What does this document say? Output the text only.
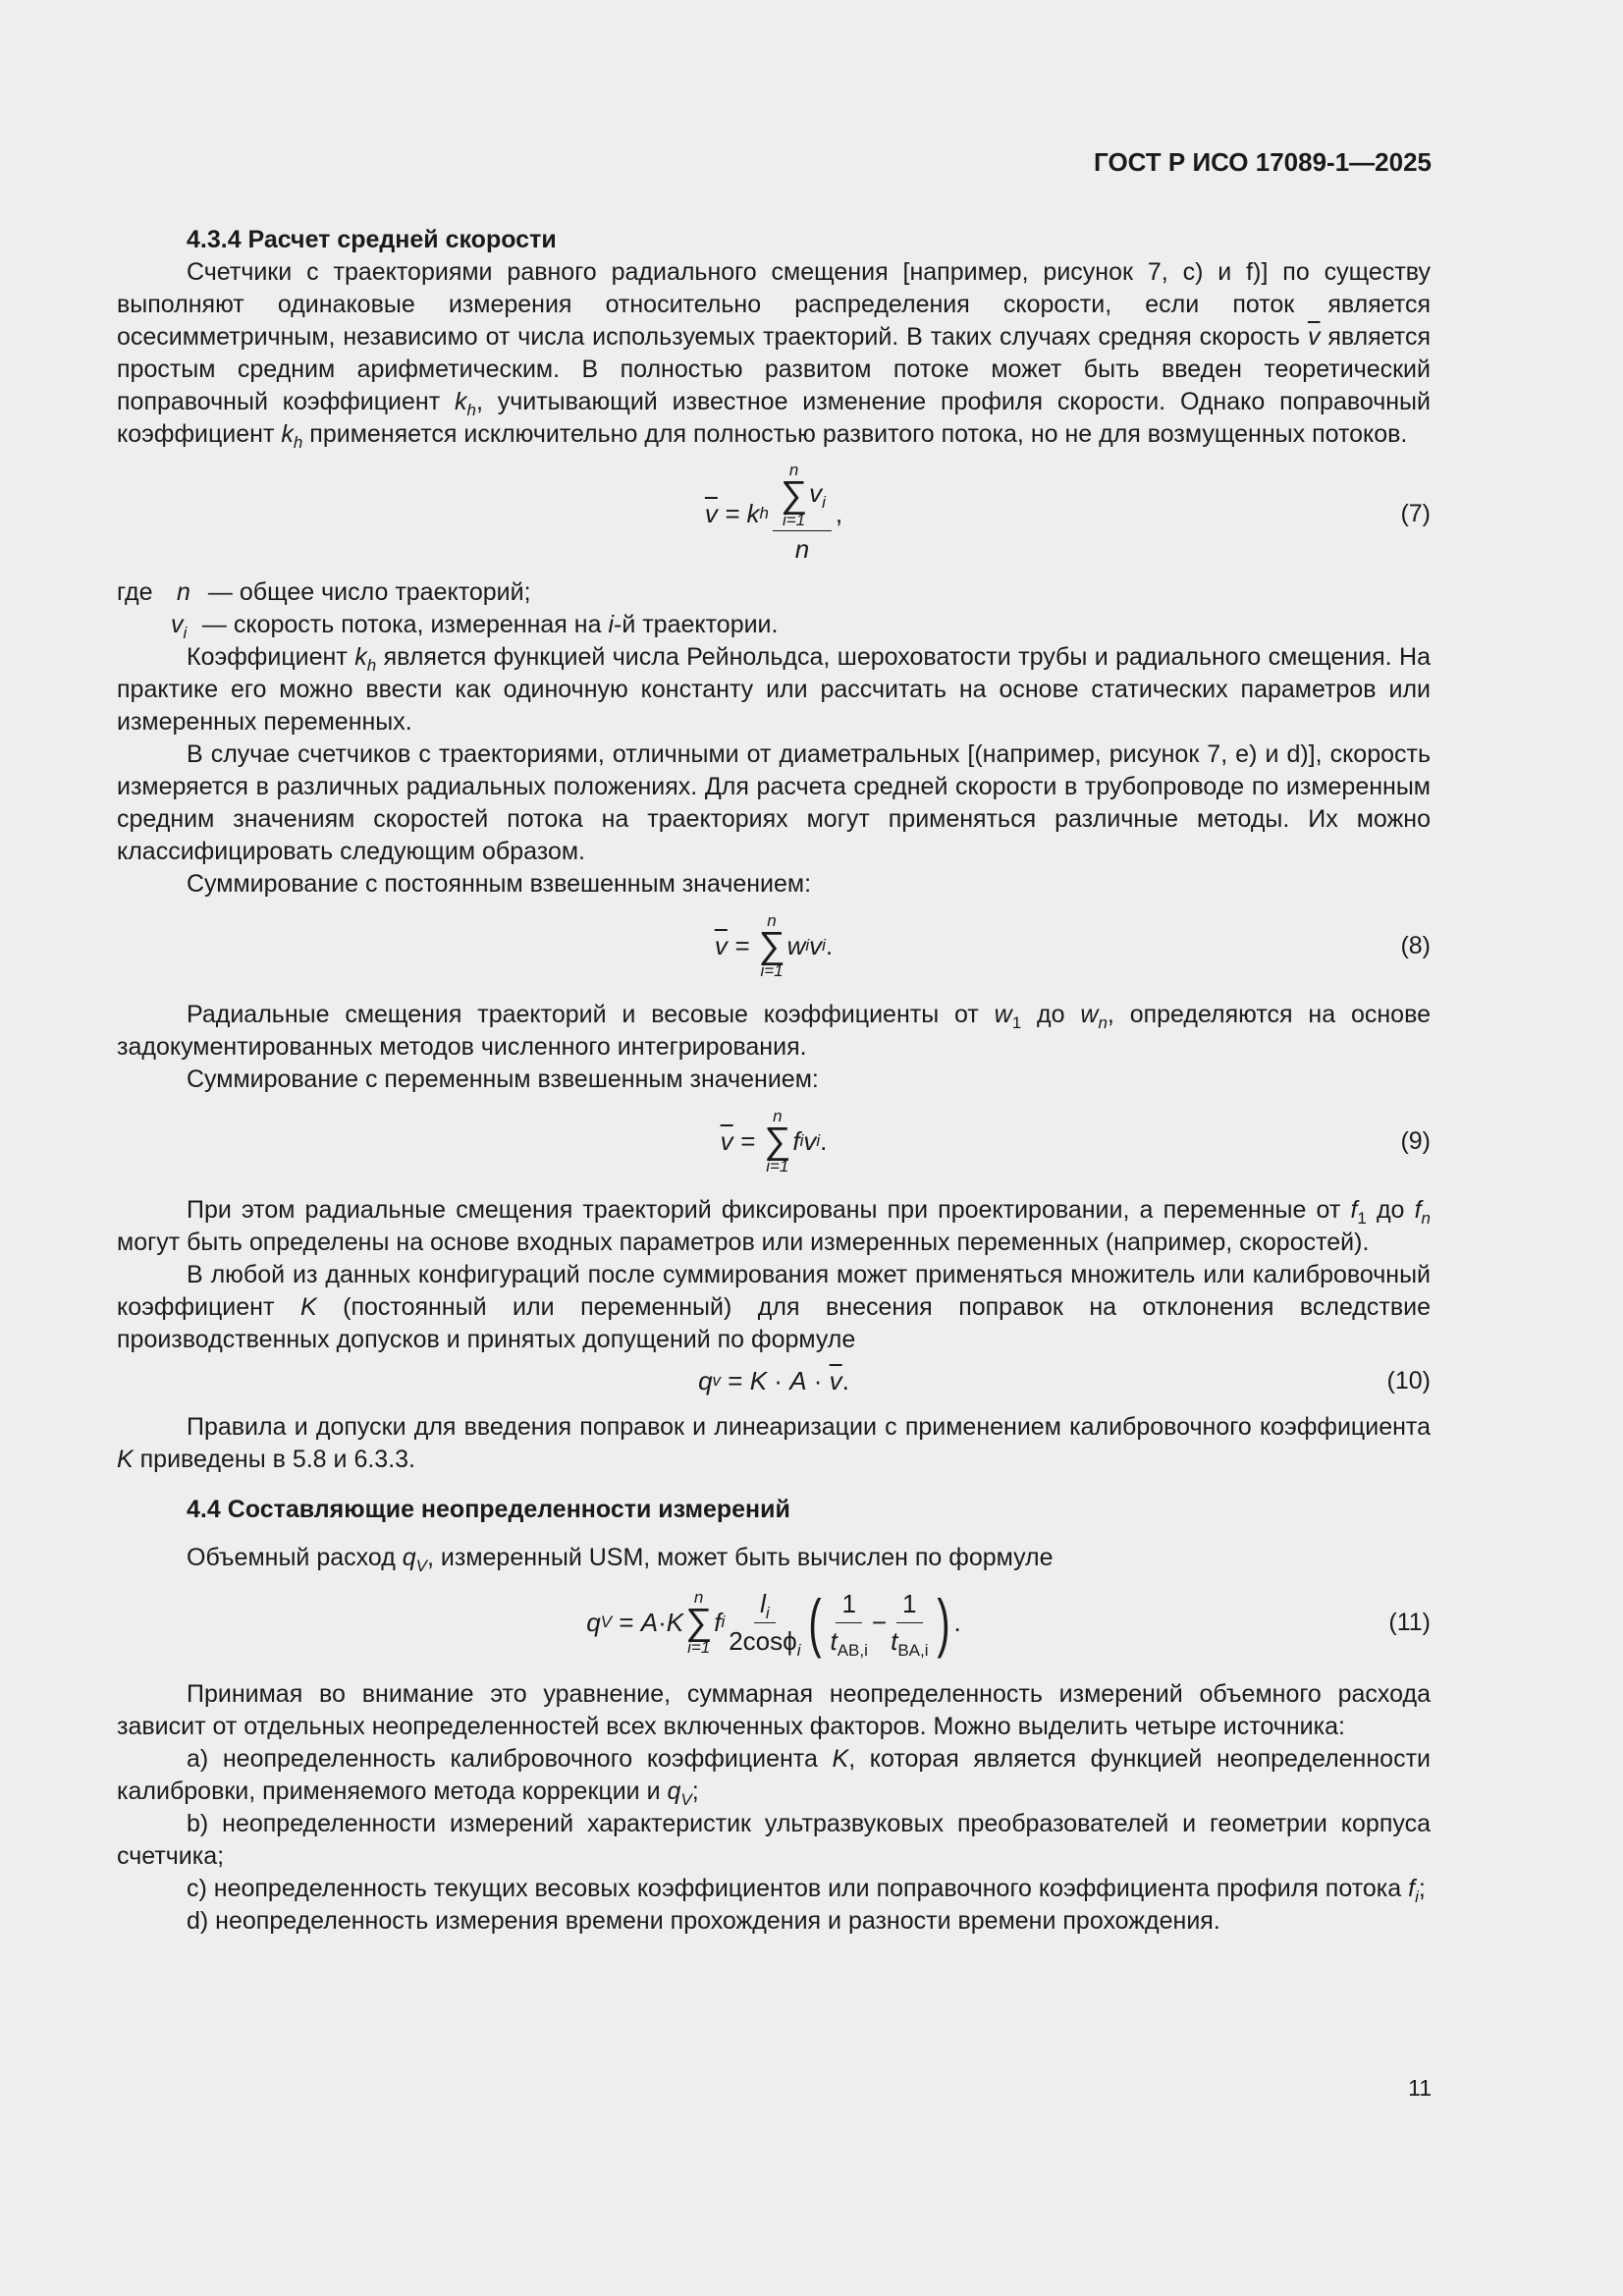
ГОСТ Р ИСО 17089-1—2025
4.3.4 Расчет средней скорости

Счетчики с траекториями равного радиального смещения [например, рисунок 7, с) и f)] по существу выполняют одинаковые измерения относительно распределения скорости, если поток является осесимметричным, независимо от числа используемых траекторий. В таких случаях средняя скорость $\overline{v}$ является простым средним арифметическим. В полностью развитом потоке может быть введен теоретический поправочный коэффициент $k_h$, учитывающий известное изменение профиля скорости. Однако поправочный коэффициент $k_h$ применяется исключительно для полностью развитого потока, но не для возмущенных потоков.

$\overline{v}$
=
k h n
∑
i=1
$v_i$
n ,	(7)
где n — общее число траекторий;
$v_i$ — скорость потока, измеренная на i-й траектории.

Коэффициент $k_h$ является функцией числа Рейнольдса, шероховатости трубы и радиального смещения. На практике его можно ввести как одиночную константу или рассчитать на основе статических параметров или измеренных переменных.

В случае счетчиков с траекториями, отличными от диаметральных [(например, рисунок 7, е) и d)], скорость измеряется в различных радиальных положениях. Для расчета средней скорости в трубопроводе по измеренным средним значениям скоростей потока на траекториях могут применяться различные методы. Их можно классифицировать следующим образом.

Суммирование с постоянным взвешенным значением:

$\overline{v}$
=

n
∑
i=1
w i v i .	(8)

Радиальные смещения траекторий и весовые коэффициенты от $w_1$ до $w_n$, определяются на основе задокументированных методов численного интегрирования.

Суммирование с переменным взвешенным значением:

$\overline{v}$
=

n
∑
i=1
f i v i .	(9)

При этом радиальные смещения траекторий фиксированы при проектировании, а переменные от $f_1$ до $f_n$ могут быть определены на основе входных параметров или измеренных переменных (например, скоростей).

В любой из данных конфигураций после суммирования может применяться множитель или калибровочный коэффициент K (постоянный или переменный) для внесения поправок на отклонения вследствие производственных допусков и принятых допущений по формуле

q v
=
K
·
A
·
$\overline{v}$ .	(10)

Правила и допуски для введения поправок и линеаризации с применением калибровочного коэффициента K приведены в 5.8 и 6.3.3.

4.4 Составляющие неопределенности измерений

Объемный расход $q_V$, измеренный USM, может быть вычислен по формуле

q V
=
A · K
n
∑
i=1
f i $\frac{l_i}{2\cos\phi_i}$ ( $\frac{1}{t_{AB,i}} - \frac{1}{t_{BA,i}}$ ) .	(11)

Принимая во внимание это уравнение, суммарная неопределенность измерений объемного расхода зависит от отдельных неопределенностей всех включенных факторов. Можно выделить четыре источника:

а) неопределенность калибровочного коэффициента K, которая является функцией неопределенности калибровки, применяемого метода коррекции и $q_V$;

b) неопределенности измерений характеристик ультразвуковых преобразователей и геометрии корпуса счетчика;

с) неопределенность текущих весовых коэффициентов или поправочного коэффициента профиля потока $f_i$;

d) неопределенность измерения времени прохождения и разности времени прохождения.

11
